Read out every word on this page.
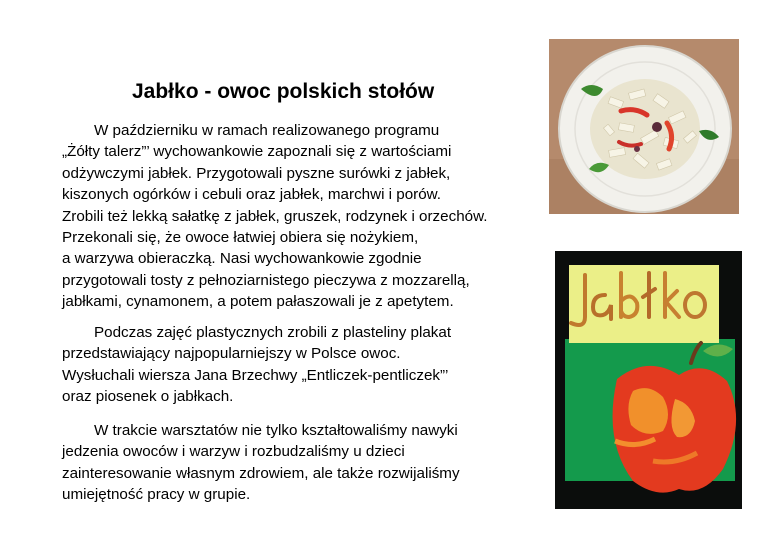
Jabłko - owoc polskich stołów
W październiku w ramach realizowanego programu
„Żółty talerz”’ wychowankowie zapoznali się z wartościami
odżywczymi jabłek. Przygotowali pyszne surówki z jabłek,
kiszonych ogórków i cebuli oraz jabłek, marchwi i porów.
Zrobili też lekką sałatkę z jabłek, gruszek, rodzynek i orzechów.
Przekonali się, że owoce łatwiej obiera się nożykiem,
a warzywa obieraczką. Nasi wychowankowie zgodnie
przygotowali tosty z pełnoziarnistego pieczywa z mozzarellą,
jabłkami, cynamonem, a potem pałaszowali je z apetytem.
Podczas zajęć plastycznych zrobili z plasteliny plakat
przedstawiający najpopularniejszy w Polsce owoc.
Wysłuchali wiersza Jana Brzechwy „Entliczek-pentliczek”’
oraz piosenek o jabłkach.
W trakcie warsztatów nie tylko kształtowaliśmy nawyki
jedzenia owoców i warzyw i rozbudzaliśmy u dzieci
zainteresowanie własnym zdrowiem, ale także rozwijaliśmy
umiejętność pracy w grupie.
